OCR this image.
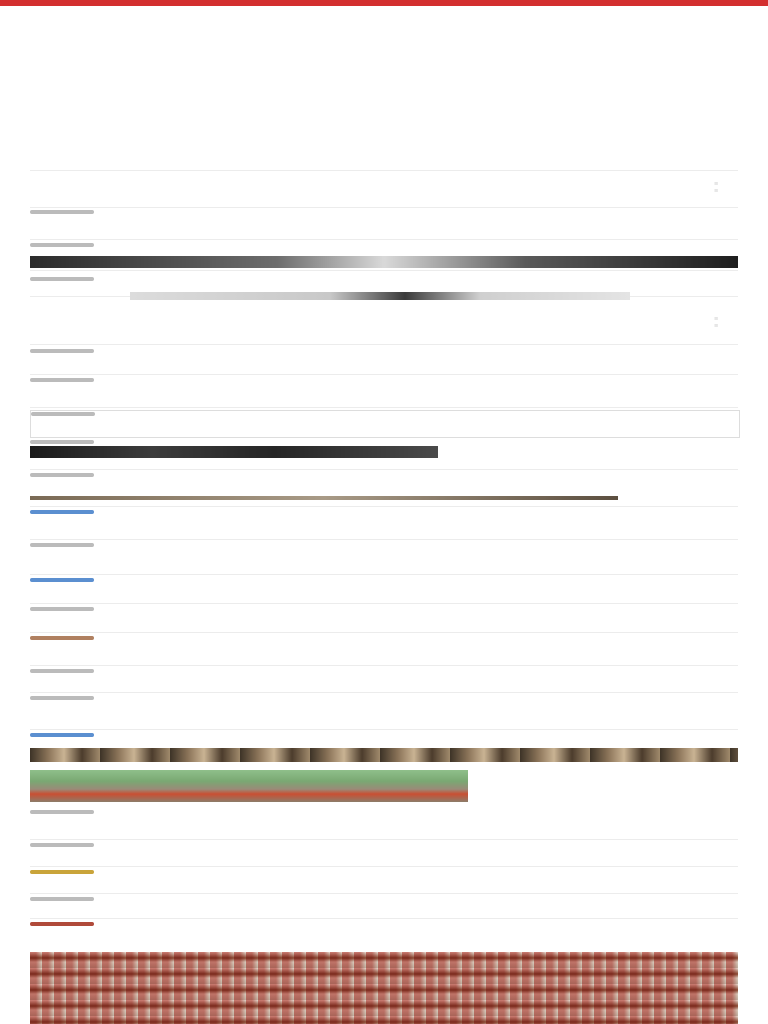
≡
≡

≡
≡
